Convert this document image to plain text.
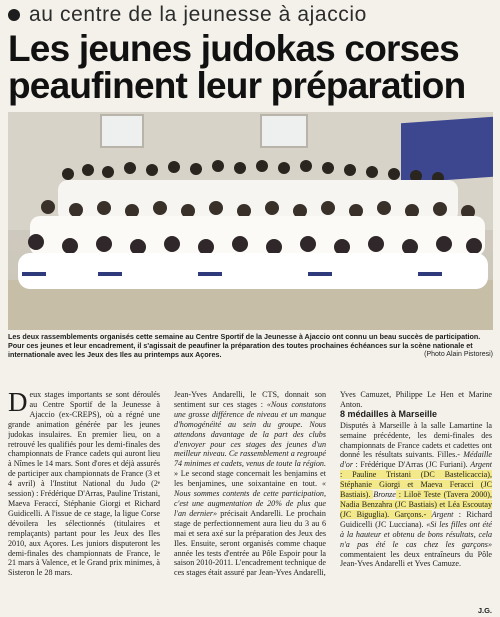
au centre de la jeunesse à ajaccio
Les jeunes judokas corses
peaufinent leur préparation
Les deux rassemblements organisés cette semaine au Centre Sportif de la Jeunesse à Ajaccio ont connu un beau succès de participation. Pour ces jeunes et leur encadrement, il s'agissait de peaufiner la préparation des toutes prochaines échéances sur la scène nationale et internationale avec les Jeux des Iles au printemps aux Açores.	(Photo Alain Pistoresi)

Deux stages importants se sont déroulés au Centre Sportif de la Jeunesse à Ajaccio (ex-CREPS), où a régné une grande animation générée par les jeunes judokas insulaires. En premier lieu, on a retrouvé les qualifiés pour les demi-finales des championnats de France cadets qui auront lieu à Nîmes le 14 mars. Sont d'ores et déjà assurés de participer aux championnats de France (3 et 4 avril) à l'Institut National du Judo (2ᵉ session) : Frédérique D'Arras, Pauline Tristani, Maeva Feraccí, Stéphanie Giorgi et Richard Guidicelli. A l'issue de ce stage, la ligue Corse dévoilera les sélectionnés (titulaires et remplaçants) partant pour les Jeux des Iles 2010, aux Açores. Les juniors disputeront les demi-finales des championnats de France, le 21 mars à Valence, et le Grand prix minimes, à Sisteron le 28 mars.

Jean-Yves Andarelli, le CTS, donnait son sentiment sur ces stages : «Nous constatons une grosse différence de niveau et un manque d'homogénéité au sein du groupe. Nous attendons davantage de la part des clubs d'envoyer pour ces stages des jeunes d'un meilleur niveau. Ce rassemblement a regroupé 74 minimes et cadets, venus de toute la région. » Le second stage concernait les benjamins et les benjamines, une soixantaine en tout. « Nous sommes contents de cette participation, c'est une augmentation de 20% de plus que l'an dernier» précisait Andarelli. Le prochain stage de perfectionnement aura lieu du 3 au 6 mai et sera axé sur la préparation des Jeux des Iles. Ensuite, seront organisés comme chaque année les tests d'entrée au Pôle Espoir pour la saison 2010-2011. L'encadrement technique de ces stages était assuré par Jean-Yves Andarelli,

Yves Camuzet, Philippe Le Hen et Marine Anton.

8 médailles à Marseille

Disputés à Marseille à la salle Lamartine la semaine précédente, les demi-finales des championnats de France cadets et cadettes ont donné les résultats suivants. Filles.- Médaille d'or : Frédérique D'Arras (JC Furiani). Argent : Pauline Tristani (DC Bastelicaccia), Stéphanie Giorgi et Maeva Feracci (JC Bastiais). Bronze : Liloë Teste (Tavera 2000), Nadia Benzahra (JC Bastiais) et Léa Escoutay (JC Biguglia). Garçons.- Argent : Richard Guidicelli (JC Lucciana). «Si les filles ont été à la hauteur et obtenu de bons résultats, cela n'a pas été le cas chez les garçons» commentaient les deux entraîneurs du Pôle Jean-Yves Andarelli et Yves Camuze.

J.G.
